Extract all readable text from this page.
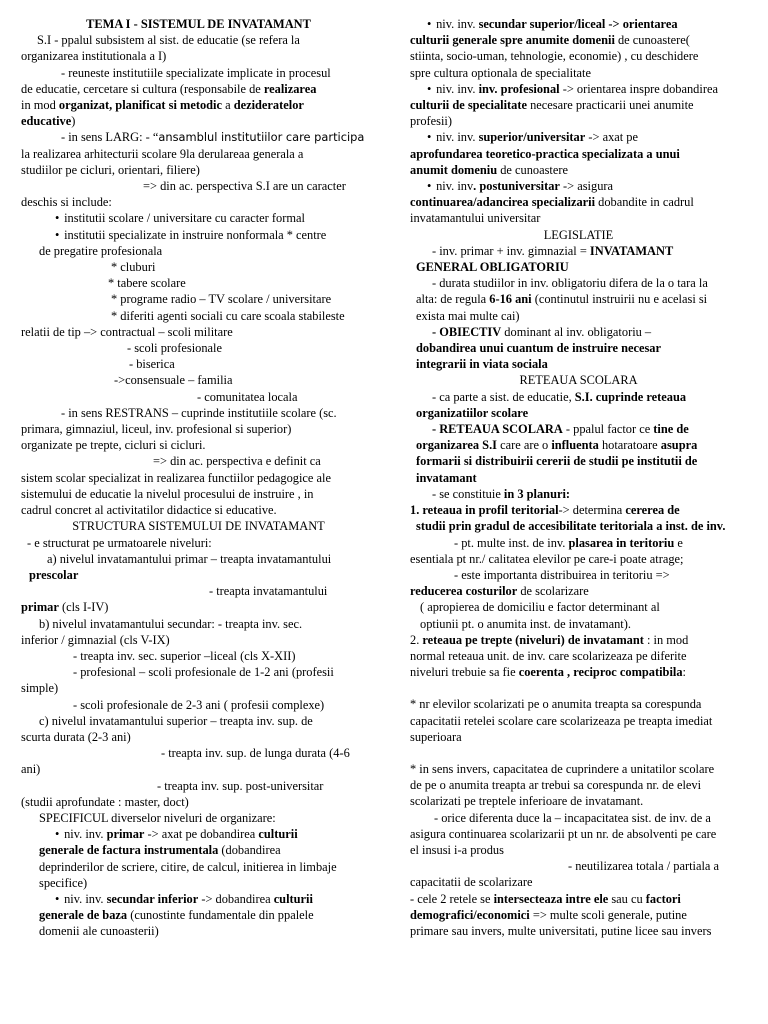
TEMA I - SISTEMUL DE INVATAMANT

S.I - ppalul subsistem al sist. de educatie (se refera la

organizarea institutionala a I)

- reuneste institutiile specializate implicate in procesul

de educatie, cercetare si cultura (responsabile de realizarea

in mod organizat, planificat si metodic a dezideratelor

educative)

- in sens LARG: - “ansamblul institutiilor care participa

la realizarea arhitecturii scolare 9la derulareaa generala a

studiilor pe cicluri, orientari, filiere)

=> din ac. perspectiva S.I are un caracter

deschis si include:

• institutii scolare / universitare cu caracter formal

• institutii specializate in instruire nonformala * centre

de pregatire profesionala

* cluburi

* tabere scolare

* programe radio – TV scolare / universitare

* diferiti agenti sociali cu care scoala stabileste

relatii de tip –> contractual – scoli militare

- scoli profesionale

- biserica

->consensuale – familia

- comunitatea locala

- in sens RESTRANS – cuprinde institutiile scolare (sc.

primara, gimnaziul, liceul, inv. profesional si superior)

organizate pe trepte, cicluri si cicluri.

=> din ac. perspectiva e definit ca

sistem scolar specializat in realizarea functiilor pedagogice ale

sistemului de educatie la nivelul procesului de instruire , in

cadrul concret al activitatilor didactice si educative.

STRUCTURA SISTEMULUI DE INVATAMANT

- e structurat pe urmatoarele niveluri:

a) nivelul invatamantului primar – treapta invatamantului

prescolar

- treapta invatamantului

primar (cls I-IV)

b) nivelul invatamantului secundar: - treapta inv. sec.

inferior / gimnazial (cls V-IX)

- treapta inv. sec. superior –liceal (cls X-XII)

- profesional – scoli profesionale de 1-2 ani (profesii

simple)

- scoli profesionale de 2-3 ani ( profesii complexe)

c) nivelul invatamantului superior – treapta inv. sup. de

scurta durata (2-3 ani)

- treapta inv. sup. de lunga durata (4-6

ani)

- treapta inv. sup. post-universitar

(studii aprofundate : master, doct)

SPECIFICUL diverselor niveluri de organizare:

• niv. inv. primar -> axat pe dobandirea culturii

generale de factura instrumentala (dobandirea

deprinderilor de scriere, citire, de calcul, initierea in limbaje

specifice)

• niv. inv. secundar inferior -> dobandirea culturii

generale de baza (cunostinte fundamentale din ppalele

domenii ale cunoasterii)

• niv. inv. secundar superior/liceal -> orientarea

culturii generale spre anumite domenii de cunoastere(

stiinta, socio-uman, tehnologie, economie) , cu deschidere

spre cultura optionala de specialitate

• niv. inv. inv. profesional -> orientarea inspre dobandirea

culturii de specialitate necesare practicarii unei anumite

profesii)

• niv. inv. superior/universitar -> axat pe

aprofundarea teoretico-practica specializata a unui

anumit domeniu de cunoastere

• niv. inv. postuniversitar -> asigura

continuarea/adancirea specializarii dobandite in cadrul

invatamantului universitar

LEGISLATIE

- inv. primar + inv. gimnazial = INVATAMANT

GENERAL OBLIGATORIU

- durata studiilor in inv. obligatoriu difera de la o tara la

alta: de regula 6-16 ani (continutul instruirii nu e acelasi si

exista mai multe cai)

- OBIECTIV dominant al inv. obligatoriu –

dobandirea unui cuantum de instruire necesar

integrarii in viata sociala

RETEAUA SCOLARA

- ca parte a sist. de educatie, S.I. cuprinde reteaua

organizatiilor scolare

- RETEAUA SCOLARA - ppalul factor ce tine de

organizarea S.I care are o influenta hotaratoare asupra

formarii si distribuirii cererii de studii pe institutii de

invatamant

- se constituie in 3 planuri:

1. reteaua in profil teritorial-> determina cererea de

studii prin gradul de accesibilitate teritoriala a inst. de inv.

- pt. multe inst. de inv. plasarea in teritoriu e

esentiala pt nr./ calitatea elevilor pe care-i poate atrage;

- este importanta distribuirea in teritoriu =>

reducerea costurilor de scolarizare

( apropierea de domiciliu e factor determinant al

optiunii pt. o anumita inst. de invatamant).

2. reteaua pe trepte (niveluri) de invatamant : in mod

normal reteaua unit. de inv. care scolarizeaza pe diferite

niveluri trebuie sa fie coerenta , reciproc compatibila:

* nr elevilor scolarizati pe o anumita treapta sa corespunda

capacitatii retelei scolare care scolarizeaza pe treapta imediat

superioara

* in sens invers, capacitatea de cuprindere a unitatilor scolare

de pe o anumita treapta ar trebui sa corespunda nr. de elevi

scolarizati pe treptele inferioare de invatamant.

- orice diferenta duce la – incapacitatea sist. de inv. de a

asigura continuarea scolarizarii pt un nr. de absolventi pe care

el insusi i-a produs

- neutilizarea totala / partiala a

capacitatii de scolarizare

- cele 2 retele se intersecteaza intre ele sau cu factori

demografici/economici => multe scoli generale, putine

primare sau invers, multe universitati, putine licee sau invers
